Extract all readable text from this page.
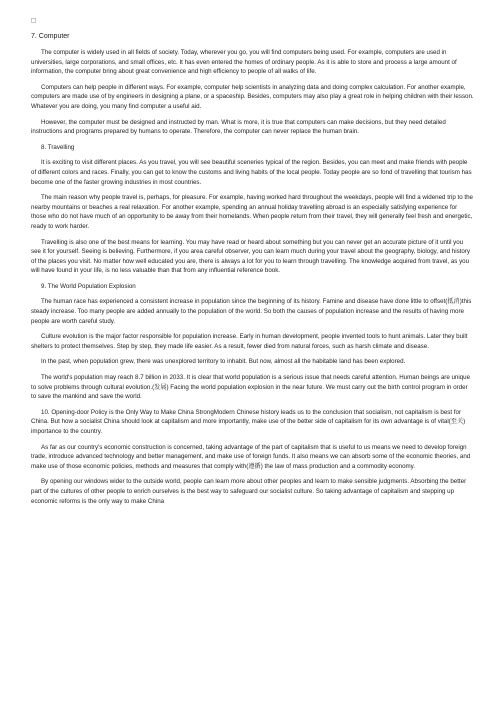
7. Computer

The computer is widely used in all fields of society. Today, wherever you go, you will find computers being used. For example, computers are used in universities, large corporations, and small offices, etc. It has even entered the homes of ordinary people. As it is able to store and process a large amount of information, the computer bring about great convenience and high efficiency to people of all walks of life.

Computers can help people in different ways. For example, computer help scientists in analyzing data and doing complex calculation. For another example, computers are made use of by engineers in designing a plane, or a spaceship. Besides, computers may also play a great role in helping children with their lesson. Whatever you are doing, you many find computer a useful aid.

However, the computer must be designed and instructed by man. What is more, it is true that computers can make decisions, but they need detailed instructions and programs prepared by humans to operate. Therefore, the computer can never replace the human brain.

8. Travelling

It is exciting to visit different places. As you travel, you will see beautiful sceneries typical of the region. Besides, you can meet and make friends with people of different colors and races. Finally, you can get to know the customs and living habits of the local people. Today people are so fond of travelling that tourism has become one of the faster growing industries in most countries.

The main reason why people travel is, perhaps, for pleasure. For example, having worked hard throughout the weekdays, people will find a widened trip to the nearby mountains or beaches a real relaxation. For another example, spending an annual holiday travelling abroad is an especially satisfying experience for those who do not have much of an opportunity to be away from their homelands. When people return from their travel, they will generally feel fresh and energetic, ready to work harder.

Travelling is also one of the best means for learning. You may have read or heard about something but you can never get an accurate picture of it until you see it for yourself. Seeing is believing. Furthermore, if you area careful observer, you can learn much during your travel about the geography, biology, and history of the places you visit. No matter how well educated you are, there is always a lot for you to learn through travelling. The knowledge acquired from travel, as you will have found in your life, is no less valuable than that from any influential reference book.

9. The World Population Explosion

The human race has experienced a consistent increase in population since the beginning of its history. Famine and disease have done little to offset(抵消)this steady increase. Too many people are added annually to the population of the world. So both the causes of population increase and the results of having more people are worth careful study.

Culture evolution is the major factor responsible for population increase. Early in human development, people invented tools to hunt animals. Later they built shelters to protect themselves. Step by step, they made life easier. As a result, fewer died from natural forces, such as harsh climate and disease.

In the past, when population grew, there was unexplored territory to inhabit. But now, almost all the habitable land has been explored.

The world's population may reach 8.7 billion in 2033. It is clear that world population is a serious issue that needs careful attention. Human beings are unique to solve problems through cultural evolution.(发展) Facing the world population explosion in the near future. We must carry out the birth control program in order to save the mankind and save the world.

10. Opening-door Policy is the Only Way to Make China StrongModern Chinese history leads us to the conclusion that socialism, not capitalism is best for China. But how a socialist China should look at capitalism and more importantly, make use of the better side of capitalism for its own advantage is of vital(至关) importance to the country.

As far as our country's economic construction is concerned, taking advantage of the part of capitalism that is useful to us means we need to develop foreign trade, introduce advanced technology and better management, and make use of foreign funds. It also means we can absorb some of the economic theories, and make use of those economic policies, methods and measures that comply with(遵循) the law of mass production and a commodity economy.

By opening our windows wider to the outside world, people can learn more about other peoples and learn to make sensible judgments. Absorbing the better part of the cultures of other people to enrich ourselves is the best way to safeguard our socialist culture. So taking advantage of capitalism and stepping up economic reforms is the only way to make China
